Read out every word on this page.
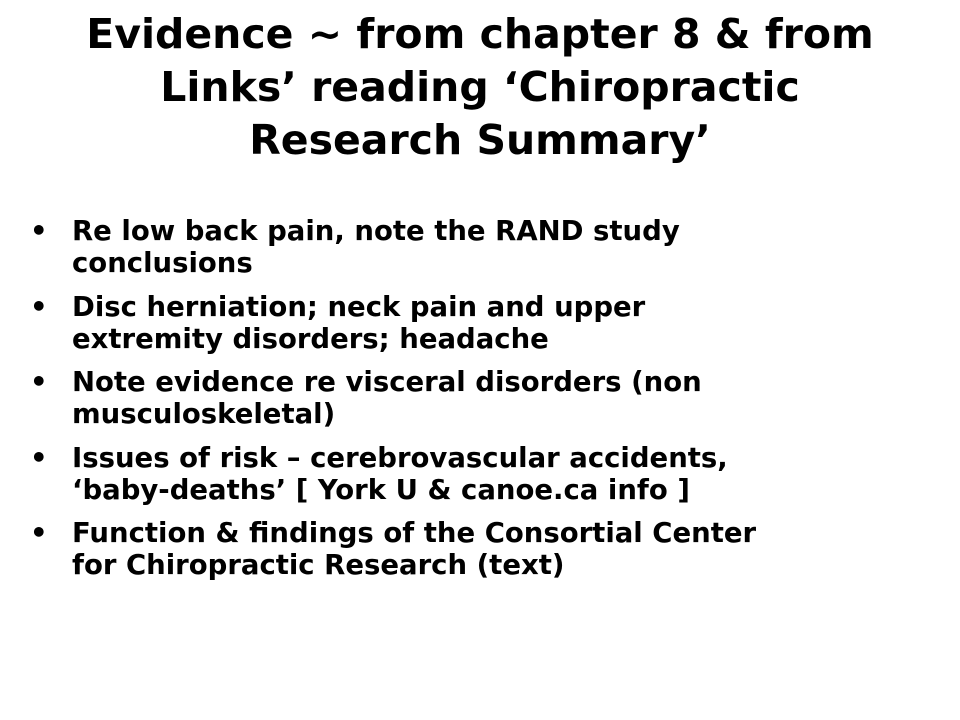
Evidence ~ from chapter 8 & from
Links’ reading ‘Chiropractic
Research Summary’
• Re low back pain, note the RAND study
conclusions
• Disc herniation; neck pain and upper
extremity disorders; headache
• Note evidence re visceral disorders (non
musculoskeletal)
• Issues of risk – cerebrovascular accidents,
‘baby-deaths’ [ York U & canoe.ca info ]
• Function & findings of the Consortial Center
for Chiropractic Research (text)
